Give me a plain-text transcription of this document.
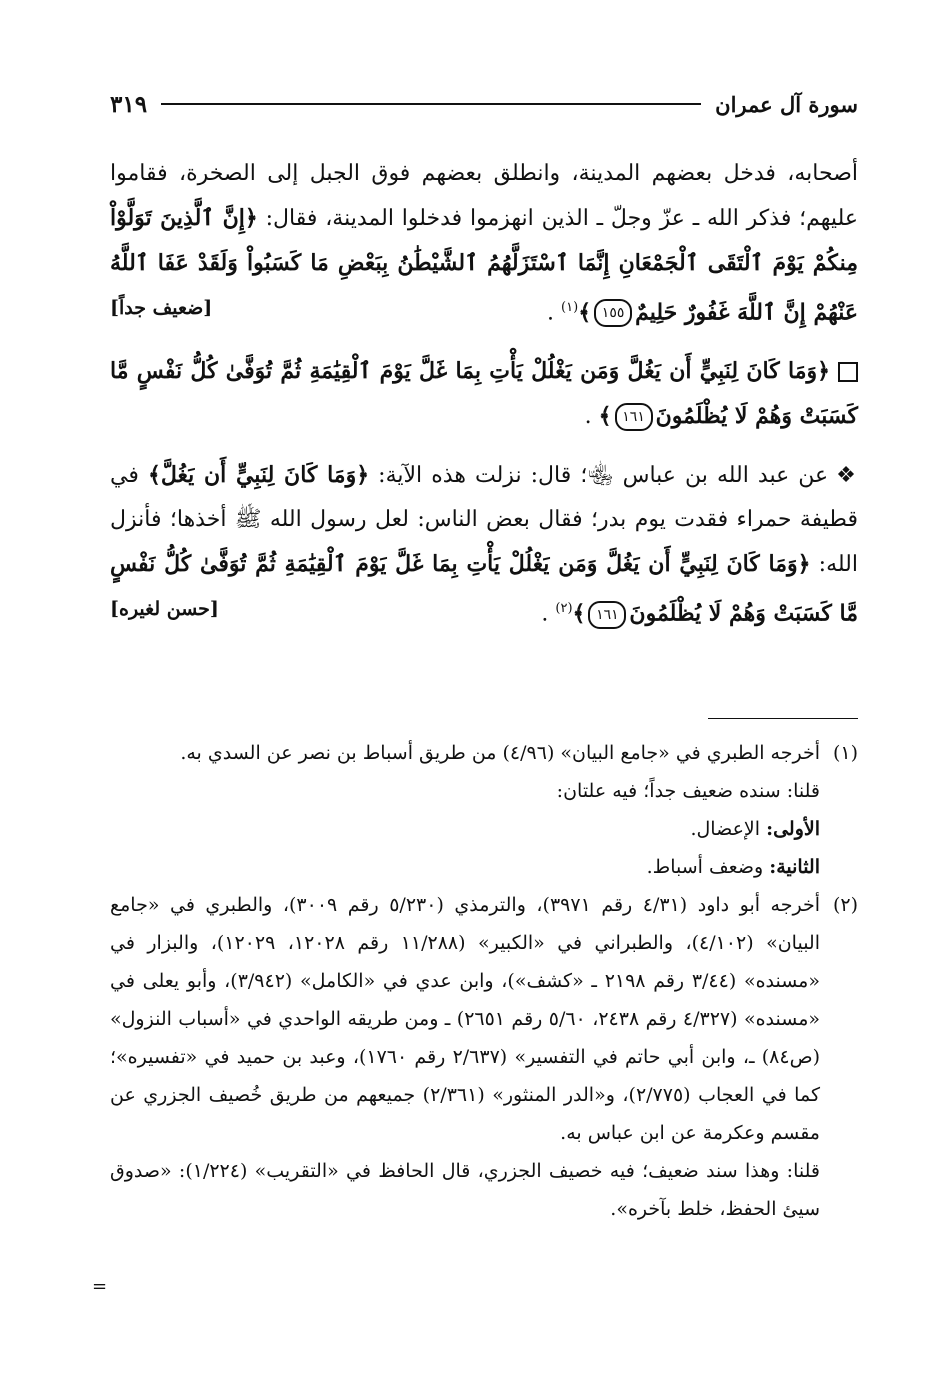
سورة آل عمران
٣١٩

أصحابه، فدخل بعضهم المدينة، وانطلق بعضهم فوق الجبل إلى الصخرة، فقاموا عليهم؛ فذكر الله ـ عزّ وجلّ ـ الذين انهزموا فدخلوا المدينة، فقال: ﴿إِنَّ ٱلَّذِينَ تَوَلَّوْاْ مِنكُمْ يَوْمَ ٱلْتَقَى ٱلْجَمْعَانِ إِنَّمَا ٱسْتَزَلَّهُمُ ٱلشَّيْطَٰنُ بِبَعْضِ مَا كَسَبُواْ وَلَقَدْ عَفَا ٱللَّهُ عَنْهُمْ إِنَّ ٱللَّهَ غَفُورٌ حَلِيمٌ١٥٥﴾$^{(١)}$ .
[ضعيف جداً]

﴿وَمَا كَانَ لِنَبِيٍّ أَن يَغُلَّ وَمَن يَغْلُلْ يَأْتِ بِمَا غَلَّ يَوْمَ ٱلْقِيَٰمَةِ ثُمَّ تُوَفَّىٰ كُلُّ نَفْسٍ مَّا كَسَبَتْ وَهُمْ لَا يُظْلَمُونَ١٦١﴾ .

❖عن عبد الله بن عباس ﵄؛ قال: نزلت هذه الآية: ﴿وَمَا كَانَ لِنَبِيٍّ أَن يَغُلَّ﴾ في قطيفة حمراء فقدت يوم بدر؛ فقال بعض الناس: لعل رسول الله ﷺ أخذها؛ فأنزل الله: ﴿وَمَا كَانَ لِنَبِيٍّ أَن يَغُلَّ وَمَن يَغْلُلْ يَأْتِ بِمَا غَلَّ يَوْمَ ٱلْقِيَٰمَةِ ثُمَّ تُوَفَّىٰ كُلُّ نَفْسٍ مَّا كَسَبَتْ وَهُمْ لَا يُظْلَمُونَ١٦١﴾$^{(٢)}$ .
[حسن لغيره]

(١)

أخرجه الطبري في «جامع البيان» (٤/٩٦) من طريق أسباط بن نصر عن السدي به.

قلنا: سنده ضعيف جداً؛ فيه علتان:

الأولى: الإعضال.

الثانية: وضعف أسباط.

(٢)

أخرجه أبو داود (٤/٣١ رقم ٣٩٧١)، والترمذي (٥/٢٣٠ رقم ٣٠٠٩)، والطبري في «جامع البيان» (٤/١٠٢)، والطبراني في «الكبير» (١١/٢٨٨ رقم ١٢٠٢٨، ١٢٠٢٩)، والبزار في «مسنده» (٣/٤٤ رقم ٢١٩٨ ـ «كشف»)، وابن عدي في «الكامل» (٣/٩٤٢)، وأبو يعلى في «مسنده» (٤/٣٢٧ رقم ٢٤٣٨، ٥/٦٠ رقم ٢٦٥١) ـ ومن طريقه الواحدي في «أسباب النزول» (ص٨٤) ـ، وابن أبي حاتم في التفسير» (٢/٦٣٧ رقم ١٧٦٠)، وعبد بن حميد في «تفسيره»؛ كما في العجاب (٢/٧٧٥)، و«الدر المنثور» (٢/٣٦١) جميعهم من طريق خُصيف الجزري عن مقسم وعكرمة عن ابن عباس به.

قلنا: وهذا سند ضعيف؛ فيه خصيف الجزري، قال الحافظ في «التقريب» (١/٢٢٤): «صدوق سيئ الحفظ، خلط بآخره».

=
